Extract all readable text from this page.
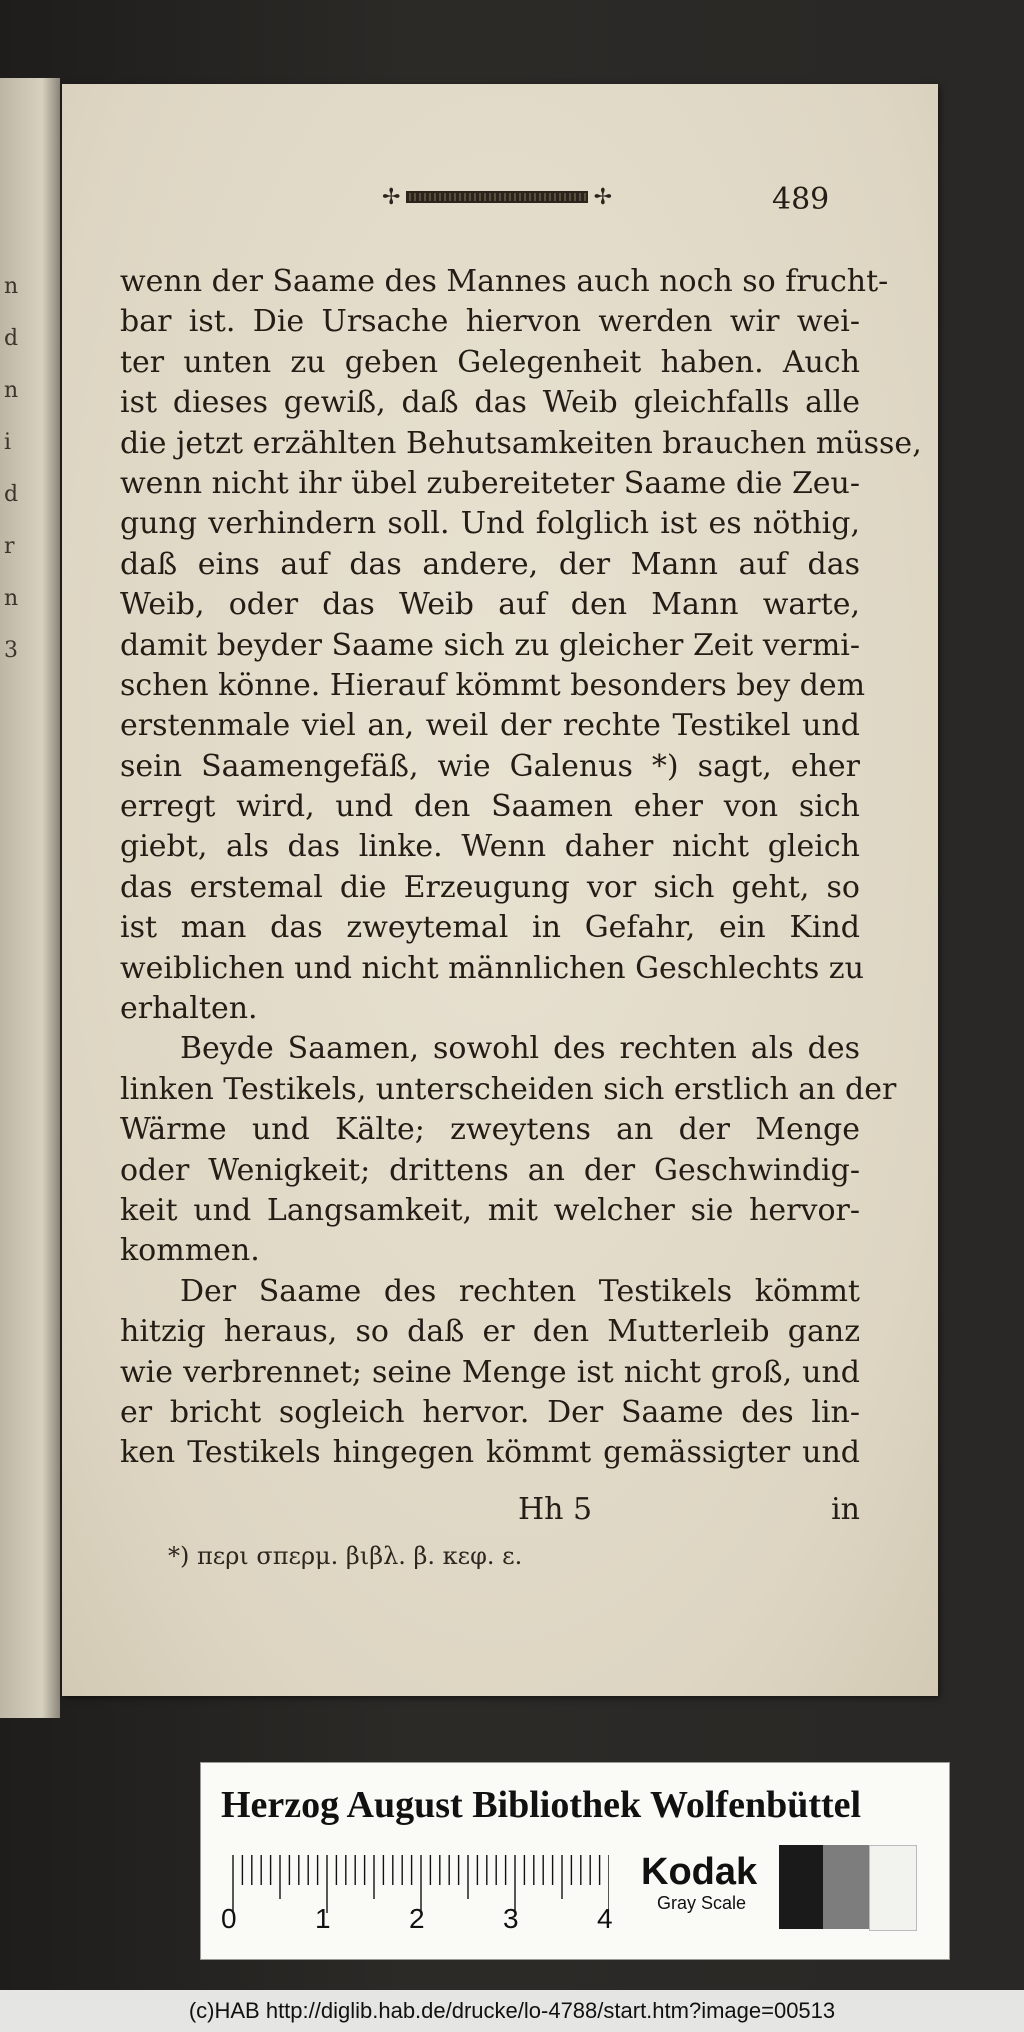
n
d
n
i
d
r
n
3
✢	✢	489
wenn der Saame des Mannes auch noch so frucht-
bar ist. Die Ursache hiervon werden wir wei-
ter unten zu geben Gelegenheit haben. Auch
ist dieses gewiß, daß das Weib gleichfalls alle
die jetzt erzählten Behutsamkeiten brauchen müsse,
wenn nicht ihr übel zubereiteter Saame die Zeu-
gung verhindern soll. Und folglich ist es nöthig,
daß eins auf das andere, der Mann auf das
Weib, oder das Weib auf den Mann warte,
damit beyder Saame sich zu gleicher Zeit vermi-
schen könne. Hierauf kömmt besonders bey dem
erstenmale viel an, weil der rechte Testikel und
sein Saamengefäß, wie Galenus *) sagt, eher
erregt wird, und den Saamen eher von sich
giebt, als das linke. Wenn daher nicht gleich
das erstemal die Erzeugung vor sich geht, so
ist man das zweytemal in Gefahr, ein Kind
weiblichen und nicht männlichen Geschlechts zu
erhalten.
Beyde Saamen, sowohl des rechten als des
linken Testikels, unterscheiden sich erstlich an der
Wärme und Kälte; zweytens an der Menge
oder Wenigkeit; drittens an der Geschwindig-
keit und Langsamkeit, mit welcher sie hervor-
kommen.
Der Saame des rechten Testikels kömmt
hitzig heraus, so daß er den Mutterleib ganz
wie verbrennet; seine Menge ist nicht groß, und
er bricht sogleich hervor. Der Saame des lin-
ken Testikels hingegen kömmt gemässigter und
Hh 5	in
*) περι σπερμ. βιβλ. β. κεφ. ε.
Herzog August Bibliothek Wolfenbüttel
0	1	2	3	4
Kodak
Gray Scale
(c)HAB http://diglib.hab.de/drucke/lo-4788/start.htm?image=00513
